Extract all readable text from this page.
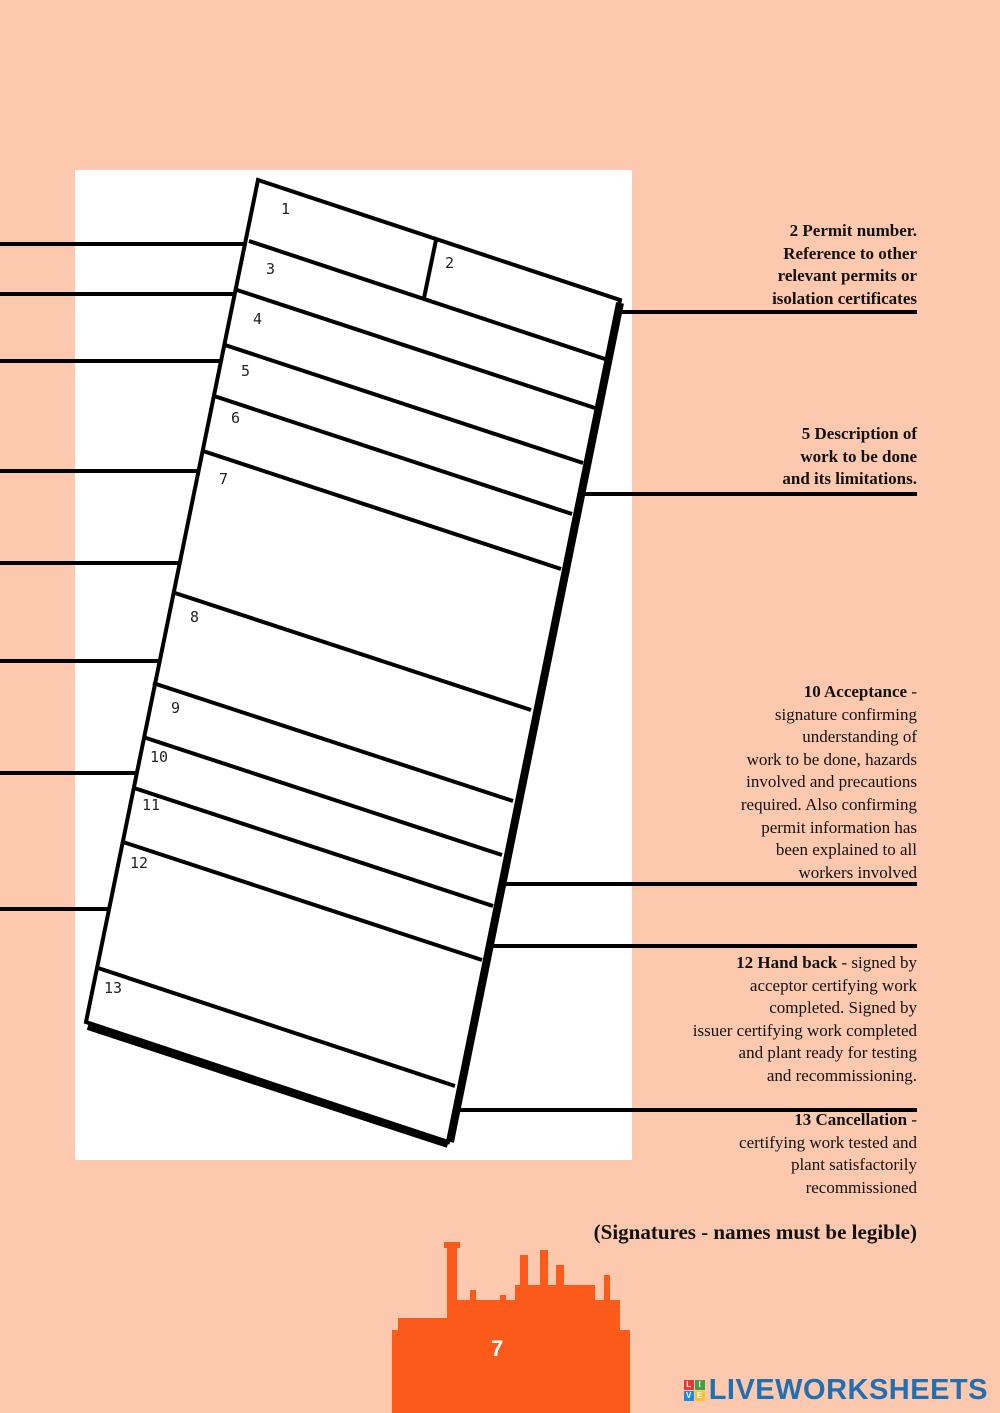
1
2
3
4
5
6
7
8
9
10
11
12
13
2 Permit number.
Reference to other
relevant permits or
isolation certificates
5 Description of
work to be done
and its limitations.
10 Acceptance -
signature confirming
understanding of
work to be done, hazards
involved and precautions
required. Also confirming
permit information has
been explained to all
workers involved
12 Hand back - signed by
acceptor certifying work
completed. Signed by
issuer certifying work completed
and plant ready for testing
and recommissioning.
13 Cancellation -
certifying work tested and
plant satisfactorily
recommissioned
(Signatures - names must be legible)
7
L I
V E LIVEWORKSHEETS
